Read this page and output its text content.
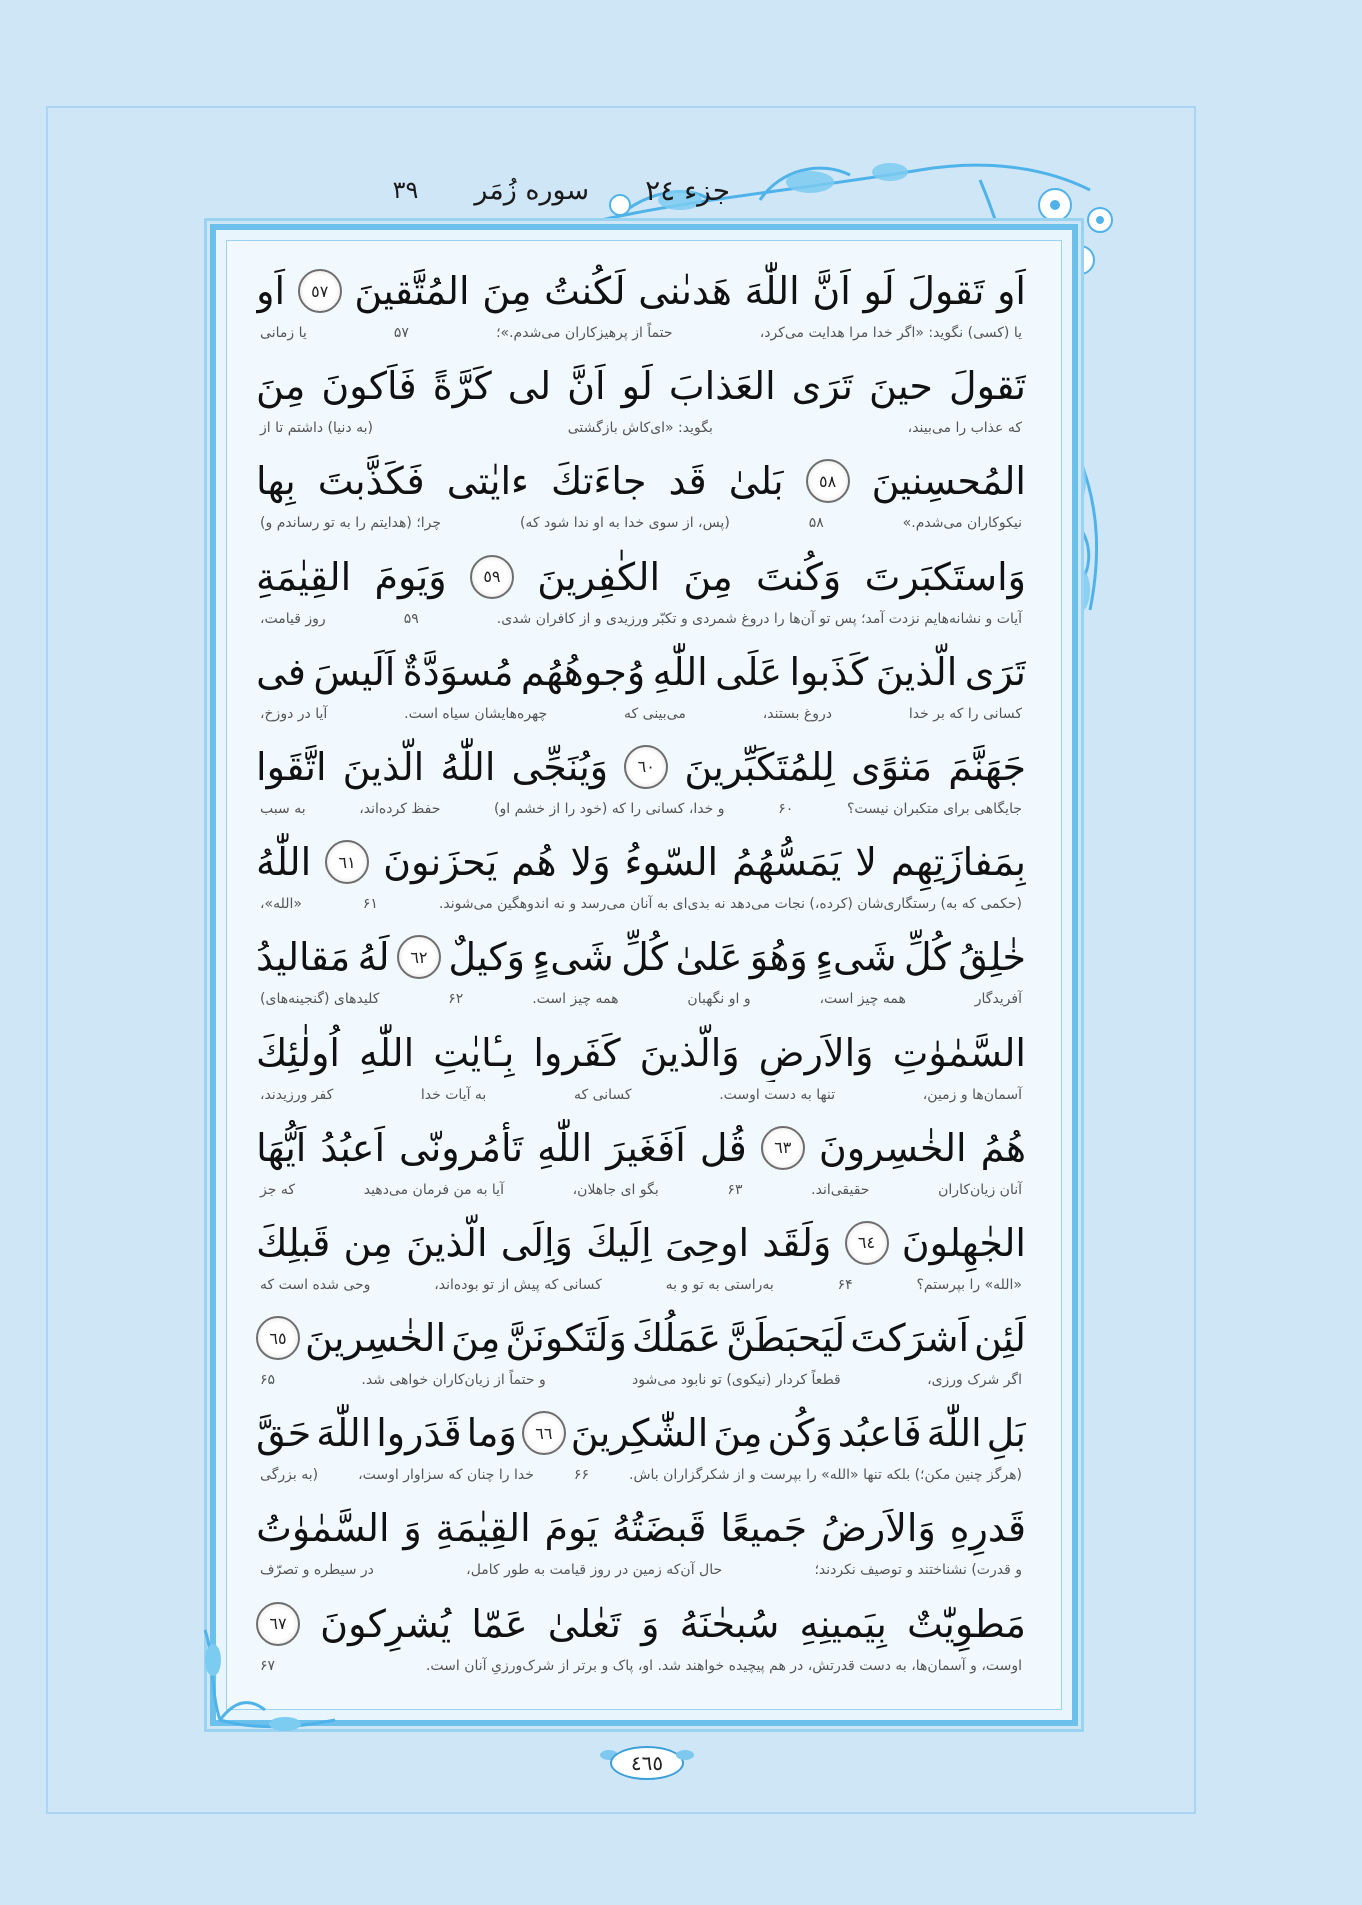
جزء ٢٤
سوره زُمَر
٣٩
اَو
تَقولَ
لَو
اَنَّ
اللّٰهَ
هَدىٰنى
لَكُنتُ
مِنَ
المُتَّقينَ
٥٧
اَو
یا (کسی) نگوید: «اگر خدا مرا هدایت می‌کرد،
حتماً از پرهیزکاران می‌شدم.»؛
۵۷
یا زمانی
تَقولَ
حينَ
تَرَى
العَذابَ
لَو
اَنَّ
لى
كَرَّةً
فَاَكونَ
مِنَ
که عذاب را می‌بیند،
بگوید: «ای‌کاش بازگشتی
(به دنیا) داشتم تا از
المُحسِنينَ
٥٨
بَلىٰ
قَد
جاءَتكَ
ءايٰتى
فَكَذَّبتَ
بِها
نیکوکاران می‌شدم.»
۵۸
(پس، از سوی خدا به او ندا شود که)
چرا؛ (هدایتم را به تو رساندم و)
وَاستَكبَرتَ
وَكُنتَ
مِنَ
الكٰفِرينَ
٥٩
وَيَومَ
القِيٰمَةِ
آیات و نشانه‌هایم نزدت آمد؛ پس تو آن‌ها را دروغ شمردی و تکبّر ورزیدی و از کافران شدی.
۵۹
روز قیامت،
تَرَى
الَّذينَ
كَذَبوا
عَلَى
اللّٰهِ
وُجوهُهُم
مُسوَدَّةٌ
اَلَيسَ
فى
کسانی را که بر خدا
دروغ بستند،
می‌بینی که
چهره‌هایشان سیاه است.
آیا در دوزخ،
جَهَنَّمَ
مَثوًى
لِلمُتَكَبِّرينَ
٦٠
وَيُنَجِّى
اللّٰهُ
الَّذينَ
اتَّقَوا
جایگاهی برای متکبران نیست؟
۶۰
و خدا، کسانی را که (خود را از خشم او)
حفظ کرده‌اند،
به سبب
بِمَفازَتِهِم
لا
يَمَسُّهُمُ
السّوءُ
وَلا
هُم
يَحزَنونَ
٦١
اللّٰهُ
(حکمی که به) رستگاری‌شان (کرده،) نجات می‌دهد نه بدی‌ای به آنان می‌رسد و نه اندوهگین می‌شوند.
۶۱
«الله»،
خٰلِقُ
كُلِّ
شَىءٍ
وَهُوَ
عَلىٰ
كُلِّ
شَىءٍ
وَكيلٌ
٦٢
لَهُ
مَقاليدُ
آفریدگار
همه چیز است،
و او نگهبان
همه چیز است.
۶۲
کلیدهای (گنجینه‌های)
السَّمٰوٰتِ
وَالاَرضِ
وَالَّذينَ
كَفَروا
بِـٔايٰتِ
اللّٰهِ
اُولٰئِكَ
آسمان‌ها و زمین،
تنها به دست اوست.
کسانی که
به آیات خدا
کفر ورزیدند،
هُمُ
الخٰسِرونَ
٦٣
قُل
اَفَغَيرَ
اللّٰهِ
تَأمُرونّى
اَعبُدُ
اَيُّهَا
آنان زیان‌کاران
حقیقی‌اند.
۶۳
بگو ای جاهلان،
آیا به من فرمان می‌دهید
که جز
الجٰهِلونَ
٦٤
وَلَقَد
اوحِىَ
اِلَيكَ
وَاِلَى
الَّذينَ
مِن
قَبلِكَ
«الله» را بپرستم؟
۶۴
به‌راستی به تو و به
کسانی که پیش از تو بوده‌اند،
وحی شده است که
لَئِن
اَشرَكتَ
لَيَحبَطَنَّ
عَمَلُكَ
وَلَتَكونَنَّ
مِنَ
الخٰسِرينَ
٦٥
اگر شرک ورزی،
قطعاً کردار (نیکوی) تو نابود می‌شود
و حتماً از زیان‌کاران خواهی شد.
۶۵
بَلِ
اللّٰهَ
فَاعبُد
وَكُن
مِنَ
الشّٰكِرينَ
٦٦
وَما
قَدَروا
اللّٰهَ
حَقَّ
(هرگز چنین مکن؛) بلکه تنها «الله» را بپرست و از شکرگزاران باش.
۶۶
خدا را چنان که سزاوار اوست،
(به بزرگی
قَدرِهِ
وَالاَرضُ
جَميعًا
قَبضَتُهُ
يَومَ
القِيٰمَةِ
وَ
السَّمٰوٰتُ
و قدرت) نشناختند و توصیف نکردند؛
حال آن‌که زمین در روز قیامت به طور کامل،
در سیطره و تصرّف
مَطوِيّٰتٌ
بِيَمينِهِ
سُبحٰنَهُ
وَ
تَعٰلىٰ
عَمّا
يُشرِكونَ
٦٧
اوست، و آسمان‌ها، به دست قدرتش، در هم پیچیده خواهند شد. او، پاک و برتر از شرک‌ورزیِ آنان است.
۶۷
٤٦٥
